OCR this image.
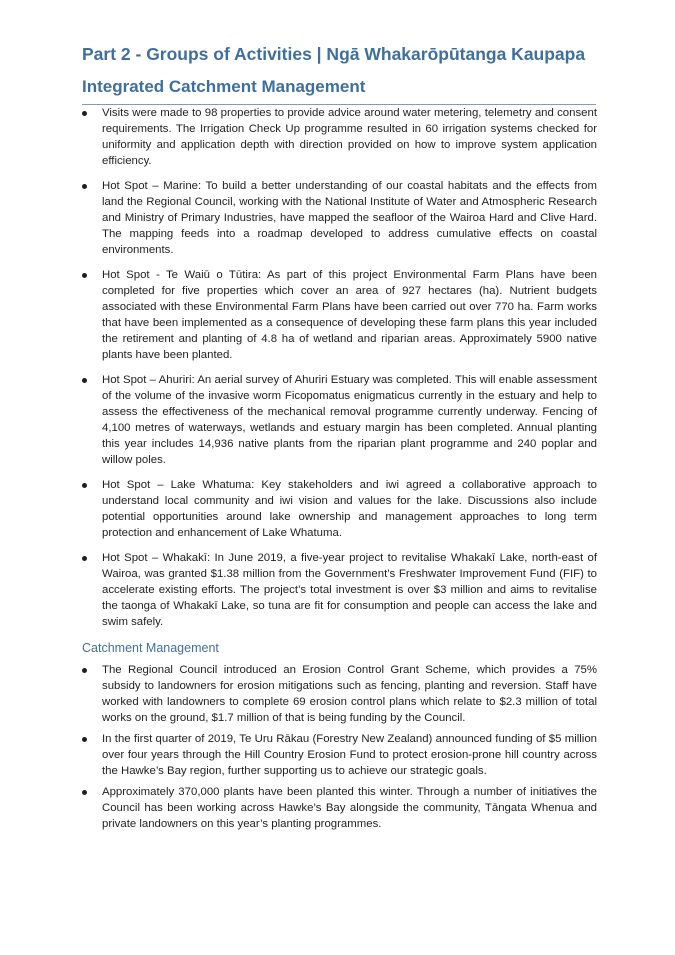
Part 2 - Groups of Activities | Ngā Whakarōpūtanga Kaupapa
Integrated Catchment Management
Visits were made to 98 properties to provide advice around water metering, telemetry and consent requirements. The Irrigation Check Up programme resulted in 60 irrigation systems checked for uniformity and application depth with direction provided on how to improve system application efficiency.
Hot Spot – Marine: To build a better understanding of our coastal habitats and the effects from land the Regional Council, working with the National Institute of Water and Atmospheric Research and Ministry of Primary Industries, have mapped the seafloor of the Wairoa Hard and Clive Hard. The mapping feeds into a roadmap developed to address cumulative effects on coastal environments.
Hot Spot - Te Waiū o Tūtira: As part of this project Environmental Farm Plans have been completed for five properties which cover an area of 927 hectares (ha). Nutrient budgets associated with these Environmental Farm Plans have been carried out over 770 ha. Farm works that have been implemented as a consequence of developing these farm plans this year included the retirement and planting of 4.8 ha of wetland and riparian areas. Approximately 5900 native plants have been planted.
Hot Spot – Ahuriri: An aerial survey of Ahuriri Estuary was completed. This will enable assessment of the volume of the invasive worm Ficopomatus enigmaticus currently in the estuary and help to assess the effectiveness of the mechanical removal programme currently underway. Fencing of 4,100 metres of waterways, wetlands and estuary margin has been completed. Annual planting this year includes 14,936 native plants from the riparian plant programme and 240 poplar and willow poles.
Hot Spot – Lake Whatuma: Key stakeholders and iwi agreed a collaborative approach to understand local community and iwi vision and values for the lake. Discussions also include potential opportunities around lake ownership and management approaches to long term protection and enhancement of Lake Whatuma.
Hot Spot – Whakakī: In June 2019, a five-year project to revitalise Whakakī Lake, north-east of Wairoa, was granted $1.38 million from the Government’s Freshwater Improvement Fund (FIF) to accelerate existing efforts. The project’s total investment is over $3 million and aims to revitalise the taonga of Whakakī Lake, so tuna are fit for consumption and people can access the lake and swim safely.
Catchment Management
The Regional Council introduced an Erosion Control Grant Scheme, which provides a 75% subsidy to landowners for erosion mitigations such as fencing, planting and reversion. Staff have worked with landowners to complete 69 erosion control plans which relate to $2.3 million of total works on the ground, $1.7 million of that is being funding by the Council.
In the first quarter of 2019, Te Uru Rākau (Forestry New Zealand) announced funding of $5 million over four years through the Hill Country Erosion Fund to protect erosion-prone hill country across the Hawke’s Bay region, further supporting us to achieve our strategic goals.
Approximately 370,000 plants have been planted this winter. Through a number of initiatives the Council has been working across Hawke’s Bay alongside the community, Tāngata Whenua and private landowners on this year’s planting programmes.
